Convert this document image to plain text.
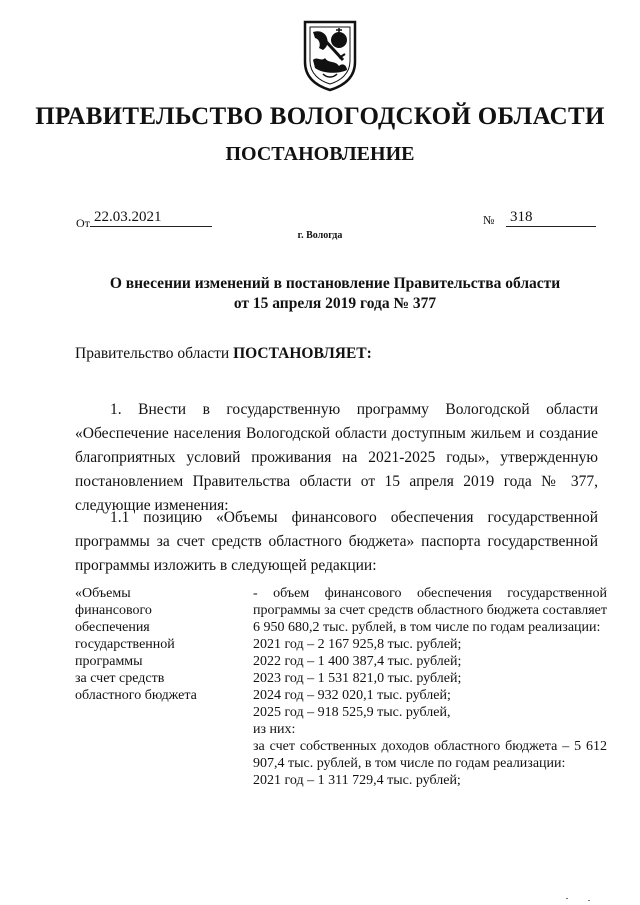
ПРАВИТЕЛЬСТВО ВОЛОГОДСКОЙ ОБЛАСТИ
ПОСТАНОВЛЕНИЕ
От 22.03.2021	№ 318
г. Вологда
О внесении изменений в постановление Правительства области
от 15 апреля 2019 года № 377
Правительство области ПОСТАНОВЛЯЕТ:
1. Внести в государственную программу Вологодской области «Обеспечение населения Вологодской области доступным жильем и создание благоприятных условий проживания на 2021-2025 годы», утвержденную постановлением Правительства области от 15 апреля 2019 года № 377, следующие изменения:
1.1 позицию «Объемы финансового обеспечения государственной программы за счет средств областного бюджета» паспорта государственной программы изложить в следующей редакции:
«Объемы
финансового
обеспечения
государственной
программы
за счет средств
областного бюджета
- объем финансового обеспечения государственной программы за счет средств областного бюджета составляет 6 950 680,2 тыс. рублей, в том числе по годам реализации:
2021 год – 2 167 925,8 тыс. рублей;
2022 год – 1 400 387,4 тыс. рублей;
2023 год – 1 531 821,0 тыс. рублей;
2024 год – 932 020,1 тыс. рублей;
2025 год – 918 525,9 тыс. рублей,
из них:
за счет собственных доходов областного бюджета – 5 612 907,4 тыс. рублей, в том числе по годам реализации:
2021 год – 1 311 729,4 тыс. рублей;
